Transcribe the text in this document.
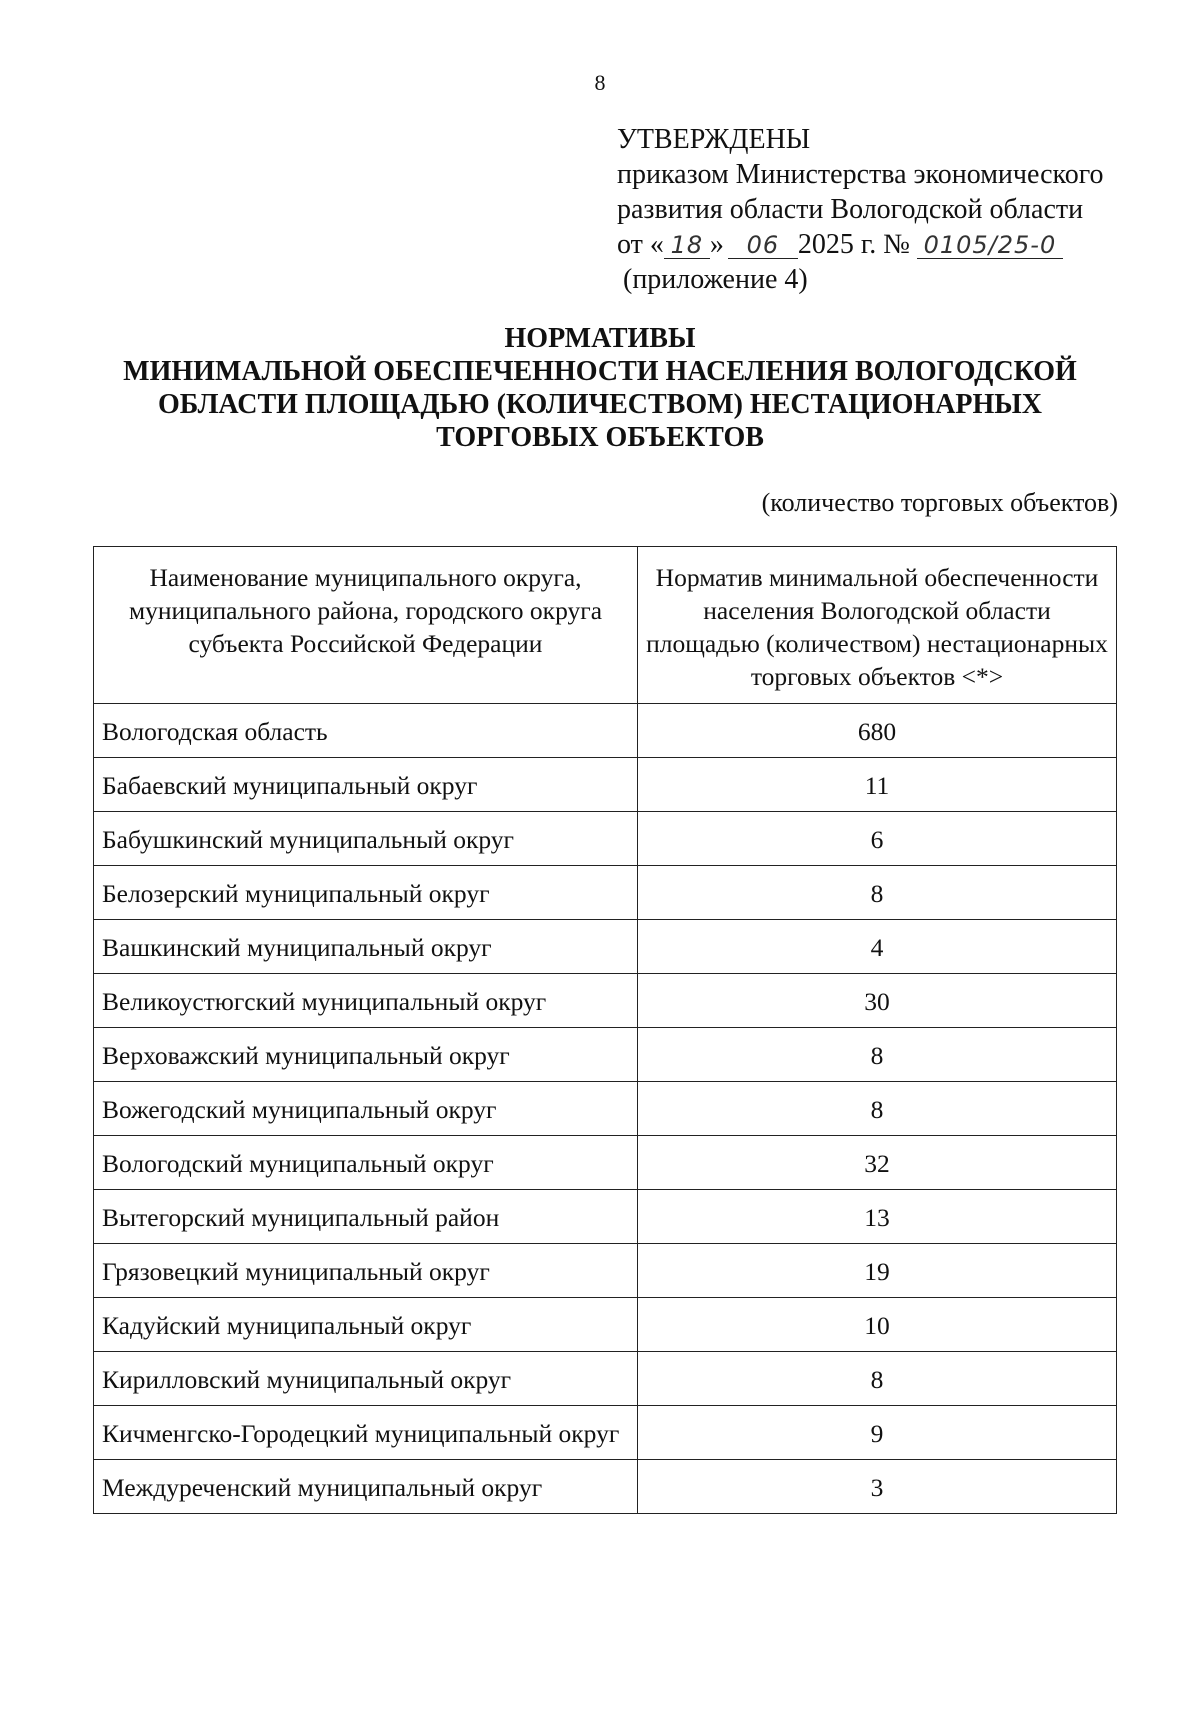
8
УТВЕРЖДЕНЫ
приказом Министерства экономического
развития области Вологодской области
от « 18 » 06 2025 г. № 0105/25-0
(приложение 4)
НОРМАТИВЫ
МИНИМАЛЬНОЙ ОБЕСПЕЧЕННОСТИ НАСЕЛЕНИЯ ВОЛОГОДСКОЙ
ОБЛАСТИ ПЛОЩАДЬЮ (КОЛИЧЕСТВОМ) НЕСТАЦИОНАРНЫХ
ТОРГОВЫХ ОБЪЕКТОВ
(количество торговых объектов)
Наименование муниципального округа, муниципального района, городского округа субъекта Российской Федерации	Норматив минимальной обеспеченности населения Вологодской области площадью (количеством) нестационарных торговых объектов <*>
Вологодская область	680
Бабаевский муниципальный округ	11
Бабушкинский муниципальный округ	6
Белозерский муниципальный округ	8
Вашкинский муниципальный округ	4
Великоустюгский муниципальный округ	30
Верховажский муниципальный округ	8
Вожегодский муниципальный округ	8
Вологодский муниципальный округ	32
Вытегорский муниципальный район	13
Грязовецкий муниципальный округ	19
Кадуйский муниципальный округ	10
Кирилловский муниципальный округ	8
Кичменгско-Городецкий муниципальный округ	9
Междуреченский муниципальный округ	3
